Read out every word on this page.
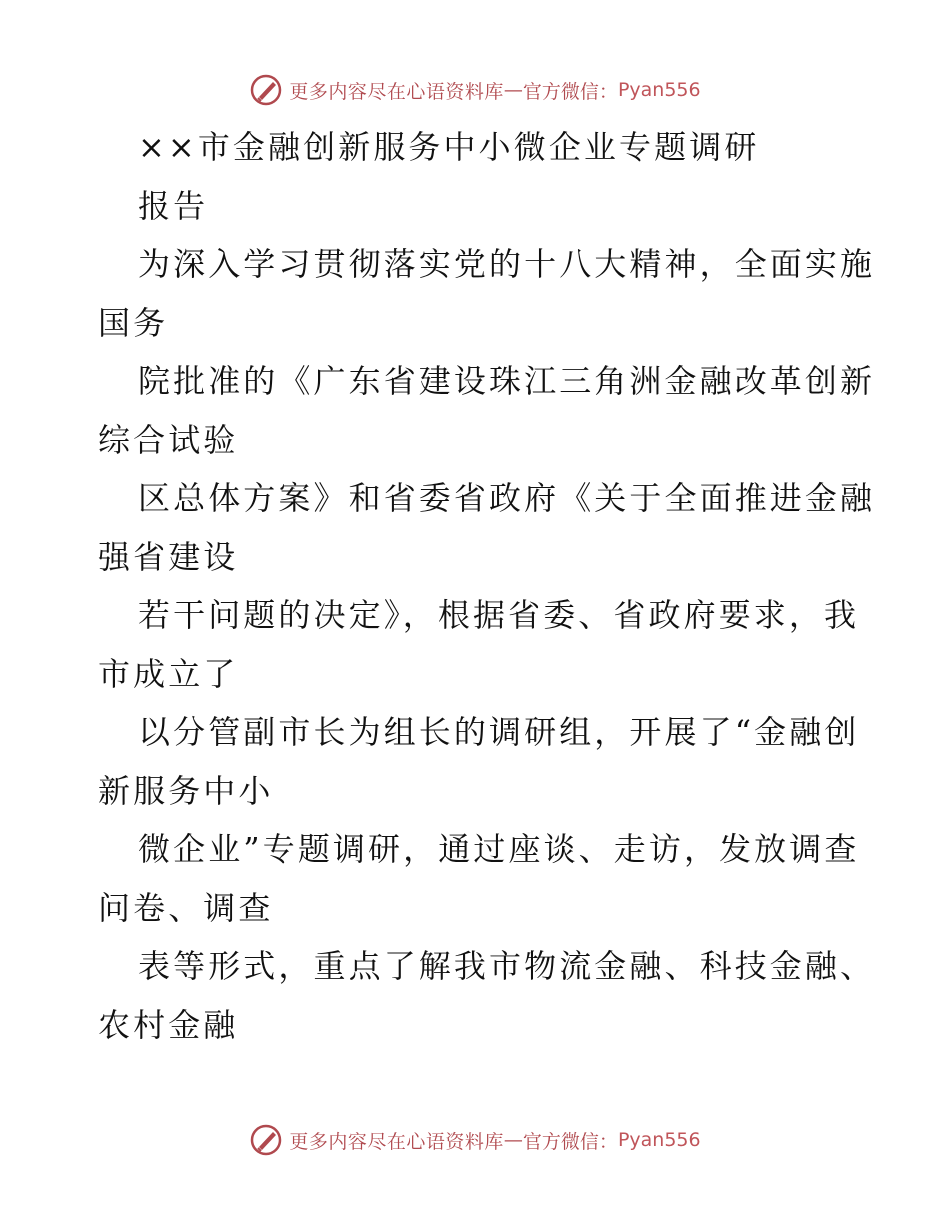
更多内容尽在心语资料库 — 官方微信： Pyan556
××市金融创新服务中小微企业专题调研
报告
为深入学习贯彻落实党的十八大精神，全面实施
国务
院批准的《广东省建设珠江三角洲金融改革创新
综合试验
区总体方案》和省委省政府《关于全面推进金融
强省建设
若干问题的决定》，根据省委、省政府要求，我
市成立了
以分管副市长为组长的调研组，开展了“金融创
新服务中小
微企业”专题调研，通过座谈、走访，发放调查
问卷、调查
表等形式，重点了解我市物流金融、科技金融、
农村金融
更多内容尽在心语资料库 — 官方微信： Pyan556
